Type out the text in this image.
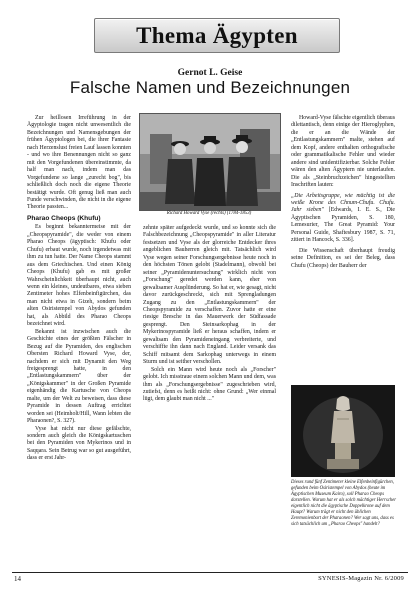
Thema Ägypten
Gernot L. Geise
Falsche Namen und Bezeichnungen

Zur heillosen Irreführung in der Ägyptologie tragen nicht unwesentlich die Bezeichnungen und Namensgebungen der frühen Ägyptologen bei, die ihrer Fantasie nach Herzenslust freien Lauf lassen konnten - und wo ihre Benennungen nicht so ganz mit den Vorgefundenen übereinstimmte, da half man nach, indem man das Vorgefundene so lange „zurecht bog", bis schließlich doch noch die eigene Theorie bestätigt wurde. Oft genug ließ man auch Funde verschwinden, die nicht in die eigene Theorie passten...

Pharao Cheops (Khufu)

Es beginnt bekanntermeise mit der „Cheopspyramide", die weder von einem Pharao Cheops (ägyptisch: Khufu oder Chufu) erbaut wurde, noch irgendetwas mit ihm zu tun hatte. Der Name Cheops stammt aus dem Griechischen. Und einen König Cheops (Khufu) gab es mit großer Wahrscheinlichkeit überhaupt nicht, auch wenn ein kleines, undeutbares, etwa sieben Zentimeter hohes Elfenbeinfigürchen, das man nicht etwa in Gizeh, sondern beim alten Osiristempel von Abydos gefunden hat, als Abbild des Pharao Cheops bezeichnet wird.

Bekannt ist inzwischen auch die Geschichte eines der größten Fälscher in Bezug auf die Pyramiden, des englischen Obersten Richard Howard Vyse, der, nachdem er sich mit Dynamit den Weg freigesprengt hatte, in den „Entlastungskammern" über der „Königskammer" in der Großen Pyramide eigenhändig die Kartusche von Cheops malte, um der Welt zu beweisen, dass diese Pyramide in dessen Auftrag errichtet worden sei (Heimholt/Hill, Wann lebten die Pharaonen?, S. 327).

Vyse hat nicht nur diese gefälschte, sondern auch gleich die Königskartuschen bei den Pyramiden von Mykerinos und in Saqqara. Sein Betrug war so gut ausgeführt, dass er erst Jahr-

Richard Howard Vyse (rechts) (1784-1853)

zehnte später aufgedeckt wurde, und so konnte sich die Falschbezeichnung „Cheopspyramide" in aller Literatur festsetzen und Vyse als der glorreiche Entdecker ihres angeblichen Bauherren gleich mit. Tatsächlich wird Vyse wegen seiner Forschungsergebnisse heute noch in den höchsten Tönen gelobt (Stadelmann), obwohl bei seiner „Pyramidenuntersuchung" wirklich nicht von „Forschung" geredet werden kann, eher von gewaltsamer Ausplünderung. So hat er, wie gesagt, nicht davor zurückgeschreckt, sich mit Sprengladungen Zugang zu den „Entlastungskammern" der Cheopspyramide zu verschaffen. Zuvor hatte er eine riesige Bresche in das Mauerwerk der Südfassade gesprengt. Den Steinsarkophag in der Mykerinospyramide ließ er heraus schaffen, indem er gewaltsam den Pyramideneingang verbreiterte, und verschiffte ihn dann nach England. Leider versank das Schiff mitsamt dem Sarkophag unterwegs in einem Sturm und ist seither verschollen.

Solch ein Mann wird heute noch als „Forscher" gelobt. Ich misstraue einem solchen Mann und dem, was ihm als „Forschungsergebnisse" zugeschrieben wird, zutiefst, denn es heißt nicht: ohne Grund: „Wer einmal lügt, dem glaubt man nicht ..."

Howard-Vyse fälschte eigentlich überaus dilettantisch, denn einige der Hieroglyphen, die er an die Wände der „Entlastungskammern" malte, stehen auf dem Kopf, andere enthalten orthografische oder grammatikalische Fehler und wieder andere sind unidentifizierbar. Solche Fehler wären den alten Ägyptern nie unterlaufen. Die als „Steinbruchzeichen" hingestellten Inschriften lauten:

„Die Arbeitsgruppe, wie mächtig ist die weiße Krone des Chnum-Chufu. Chufu. Jahr sieben" [Edwards, I. E. S., Die Ägyptischen Pyramiden, S. 180, Lemesurier, The Great Pyramid: Your Personal Guide, Shaftesbury 1987, S. 71, zitiert in Hancock, S. 336].

Die Wissenschaft überhaupt freudig seine Definition, es sei der Beleg, dass Chufu (Cheops) der Bauherr der

Dieses rund fünf Zentimeter kleine Elfenbeinfigürchen, gefunden beim Osiristempel von Abydos (heute im Ägyptischen Museum Kairo), soll Pharao Cheops darstellen. Warum hat er als solch mächtiger Herrscher eigentlich nicht die ägyptische Doppelkrone auf dem Haupt? Warum trägt er nicht den üblichen Zeremonienbart der Pharaonen? Wer sagt uns, dass es sich tatsächlich um „Pharao Cheops" handelt?
14	SYNESIS-Magazin Nr. 6/2009
